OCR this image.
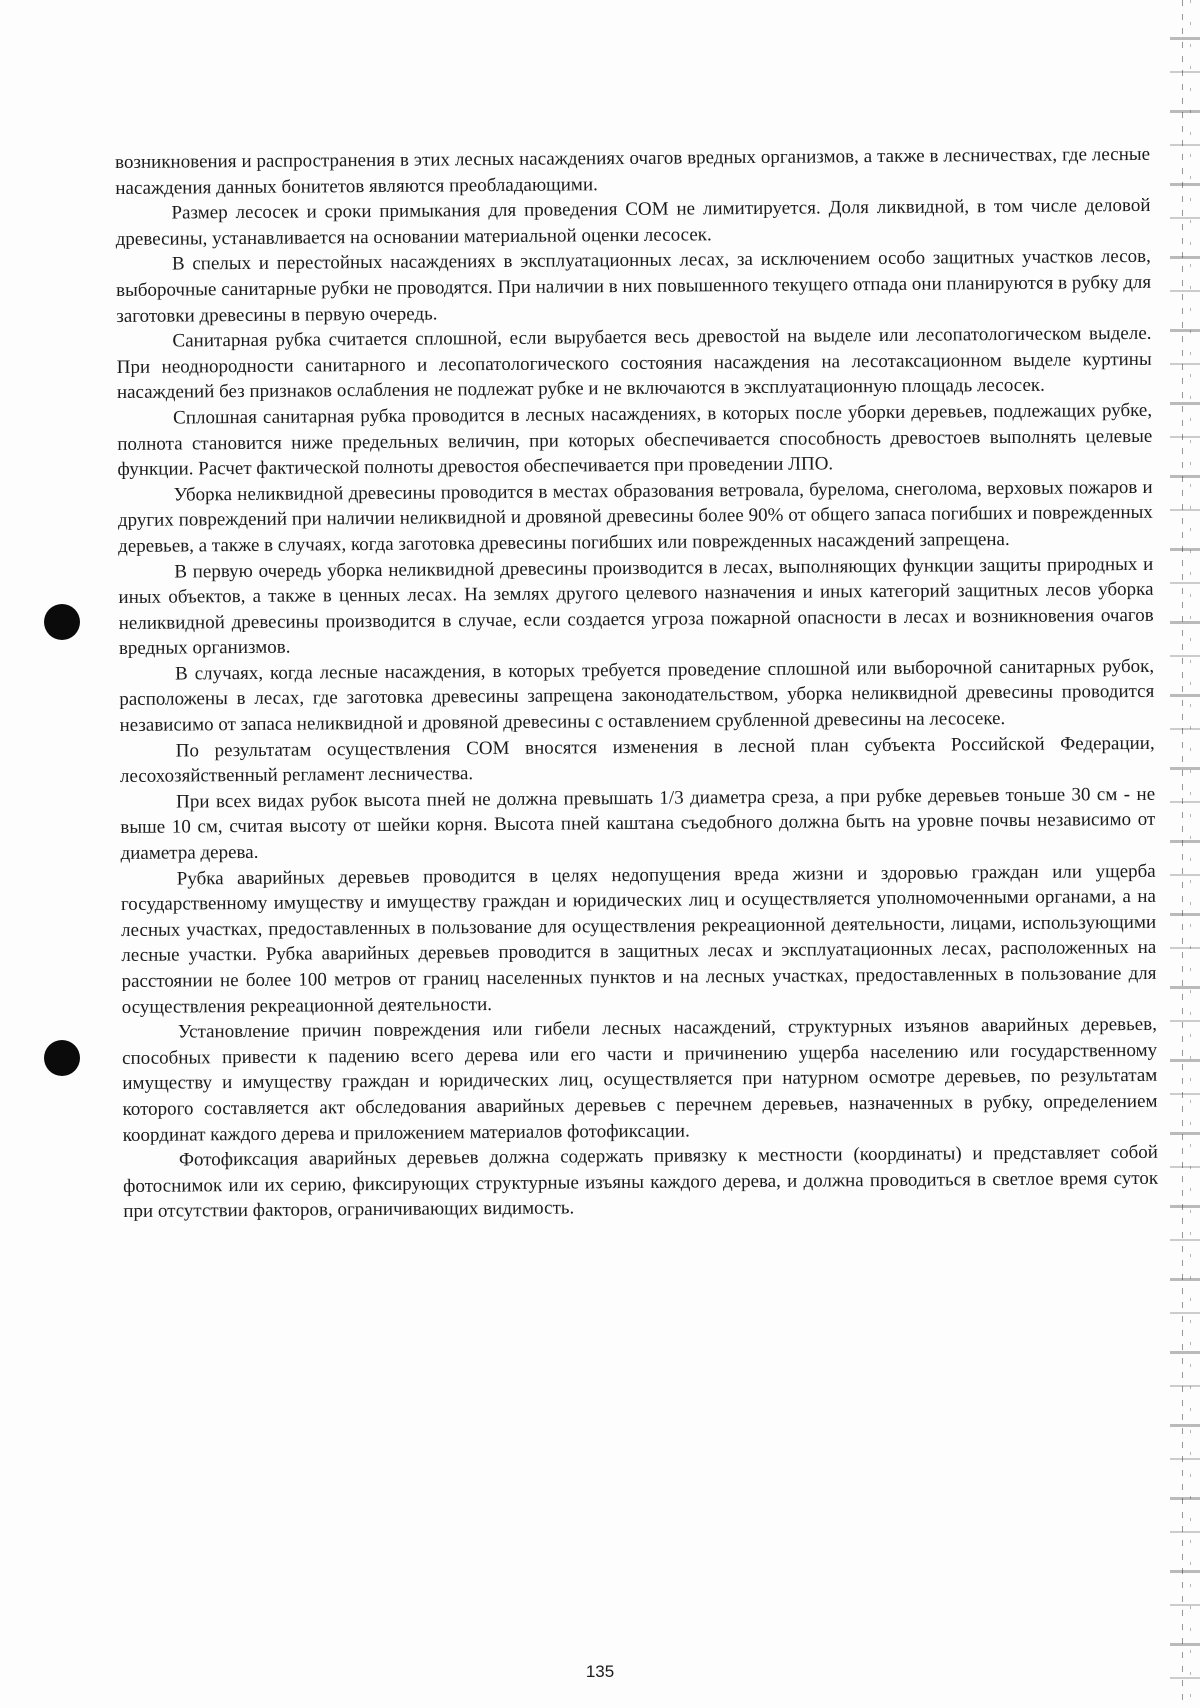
возникновения и распространения в этих лесных насаждениях очагов вредных организмов, а также в лесничествах, где лесные насаждения данных бонитетов являются преобладающими.

Размер лесосек и сроки примыкания для проведения СОМ не лимитируется. Доля ликвидной, в том числе деловой древесины, устанавливается на основании материальной оценки лесосек.

В спелых и перестойных насаждениях в эксплуатационных лесах, за исключением особо защитных участков лесов, выборочные санитарные рубки не проводятся. При наличии в них повышенного текущего отпада они планируются в рубку для заготовки древесины в первую очередь.

Санитарная рубка считается сплошной, если вырубается весь древостой на выделе или лесопатологическом выделе. При неоднородности санитарного и лесопатологического состояния насаждения на лесотаксационном выделе куртины насаждений без признаков ослабления не подлежат рубке и не включаются в эксплуатационную площадь лесосек.

Сплошная санитарная рубка проводится в лесных насаждениях, в которых после уборки деревьев, подлежащих рубке, полнота становится ниже предельных величин, при которых обеспечивается способность древостоев выполнять целевые функции. Расчет фактической полноты древостоя обеспечивается при проведении ЛПО.

Уборка неликвидной древесины проводится в местах образования ветровала, бурелома, снеголома, верховых пожаров и других повреждений при наличии неликвидной и дровяной древесины более 90% от общего запаса погибших и поврежденных деревьев, а также в случаях, когда заготовка древесины погибших или поврежденных насаждений запрещена.

В первую очередь уборка неликвидной древесины производится в лесах, выполняющих функции защиты природных и иных объектов, а также в ценных лесах. На землях другого целевого назначения и иных категорий защитных лесов уборка неликвидной древесины производится в случае, если создается угроза пожарной опасности в лесах и возникновения очагов вредных организмов.

В случаях, когда лесные насаждения, в которых требуется проведение сплошной или выборочной санитарных рубок, расположены в лесах, где заготовка древесины запрещена законодательством, уборка неликвидной древесины проводится независимо от запаса неликвидной и дровяной древесины с оставлением срубленной древесины на лесосеке.

По результатам осуществления СОМ вносятся изменения в лесной план субъекта Российской Федерации, лесохозяйственный регламент лесничества.

При всех видах рубок высота пней не должна превышать 1/3 диаметра среза, а при рубке деревьев тоньше 30 см - не выше 10 см, считая высоту от шейки корня. Высота пней каштана съедобного должна быть на уровне почвы независимо от диаметра дерева.

Рубка аварийных деревьев проводится в целях недопущения вреда жизни и здоровью граждан или ущерба государственному имуществу и имуществу граждан и юридических лиц и осуществляется уполномоченными органами, а на лесных участках, предоставленных в пользование для осуществления рекреационной деятельности, лицами, использующими лесные участки. Рубка аварийных деревьев проводится в защитных лесах и эксплуатационных лесах, расположенных на расстоянии не более 100 метров от границ населенных пунктов и на лесных участках, предоставленных в пользование для осуществления рекреационной деятельности.

Установление причин повреждения или гибели лесных насаждений, структурных изъянов аварийных деревьев, способных привести к падению всего дерева или его части и причинению ущерба населению или государственному имуществу и имуществу граждан и юридических лиц, осуществляется при натурном осмотре деревьев, по результатам которого составляется акт обследования аварийных деревьев с перечнем деревьев, назначенных в рубку, определением координат каждого дерева и приложением материалов фотофиксации.

Фотофиксация аварийных деревьев должна содержать привязку к местности (координаты) и представляет собой фотоснимок или их серию, фиксирующих структурные изъяны каждого дерева, и должна проводиться в светлое время суток при отсутствии факторов, ограничивающих видимость.

135
